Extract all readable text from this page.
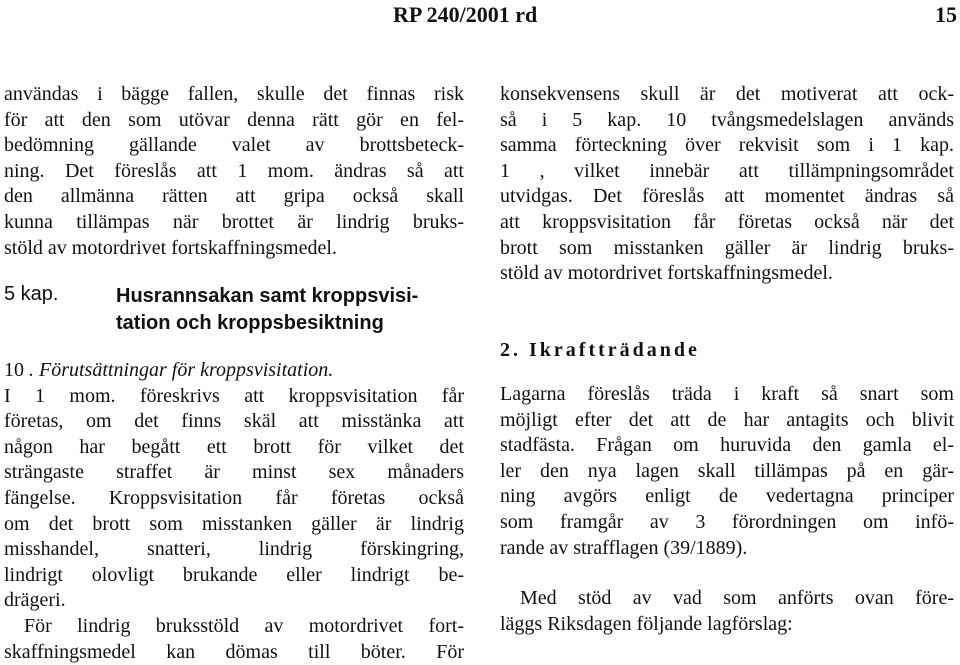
RP 240/2001 rd	15
användas i bägge fallen, skulle det finnas risk
för att den som utövar denna rätt gör en fel-
bedömning gällande valet av brottsbeteck-
ning. Det föreslås att 1 mom. ändras så att
den allmänna rätten att gripa också skall
kunna tillämpas när brottet är lindrig bruks-
stöld av motordrivet fortskaffningsmedel.
5 kap.	Husrannsakan samt kroppsvisi-
tation och kroppsbesiktning
10 . Förutsättningar för kroppsvisitation.
I 1 mom. föreskrivs att kroppsvisitation får
företas, om det finns skäl att misstänka att
någon har begått ett brott för vilket det
strängaste straffet är minst sex månaders
fängelse. Kroppsvisitation får företas också
om det brott som misstanken gäller är lindrig
misshandel, snatteri, lindrig förskingring,
lindrigt olovligt brukande eller lindrigt be-
drägeri.
För lindrig bruksstöld av motordrivet fort-
skaffningsmedel kan dömas till böter. För
konsekvensens skull är det motiverat att ock-
så i 5 kap. 10 tvångsmedelslagen används
samma förteckning över rekvisit som i 1 kap.
1 , vilket innebär att tillämpningsområdet
utvidgas. Det föreslås att momentet ändras så
att kroppsvisitation får företas också när det
brott som misstanken gäller är lindrig bruks-
stöld av motordrivet fortskaffningsmedel.
2. Ikraftträdande
Lagarna föreslås träda i kraft så snart som
möjligt efter det att de har antagits och blivit
stadfästa. Frågan om huruvida den gamla el-
ler den nya lagen skall tillämpas på en gär-
ning avgörs enligt de vedertagna principer
som framgår av 3 förordningen om infö-
rande av strafflagen (39/1889).
Med stöd av vad som anförts ovan före-
läggs Riksdagen följande lagförslag:
